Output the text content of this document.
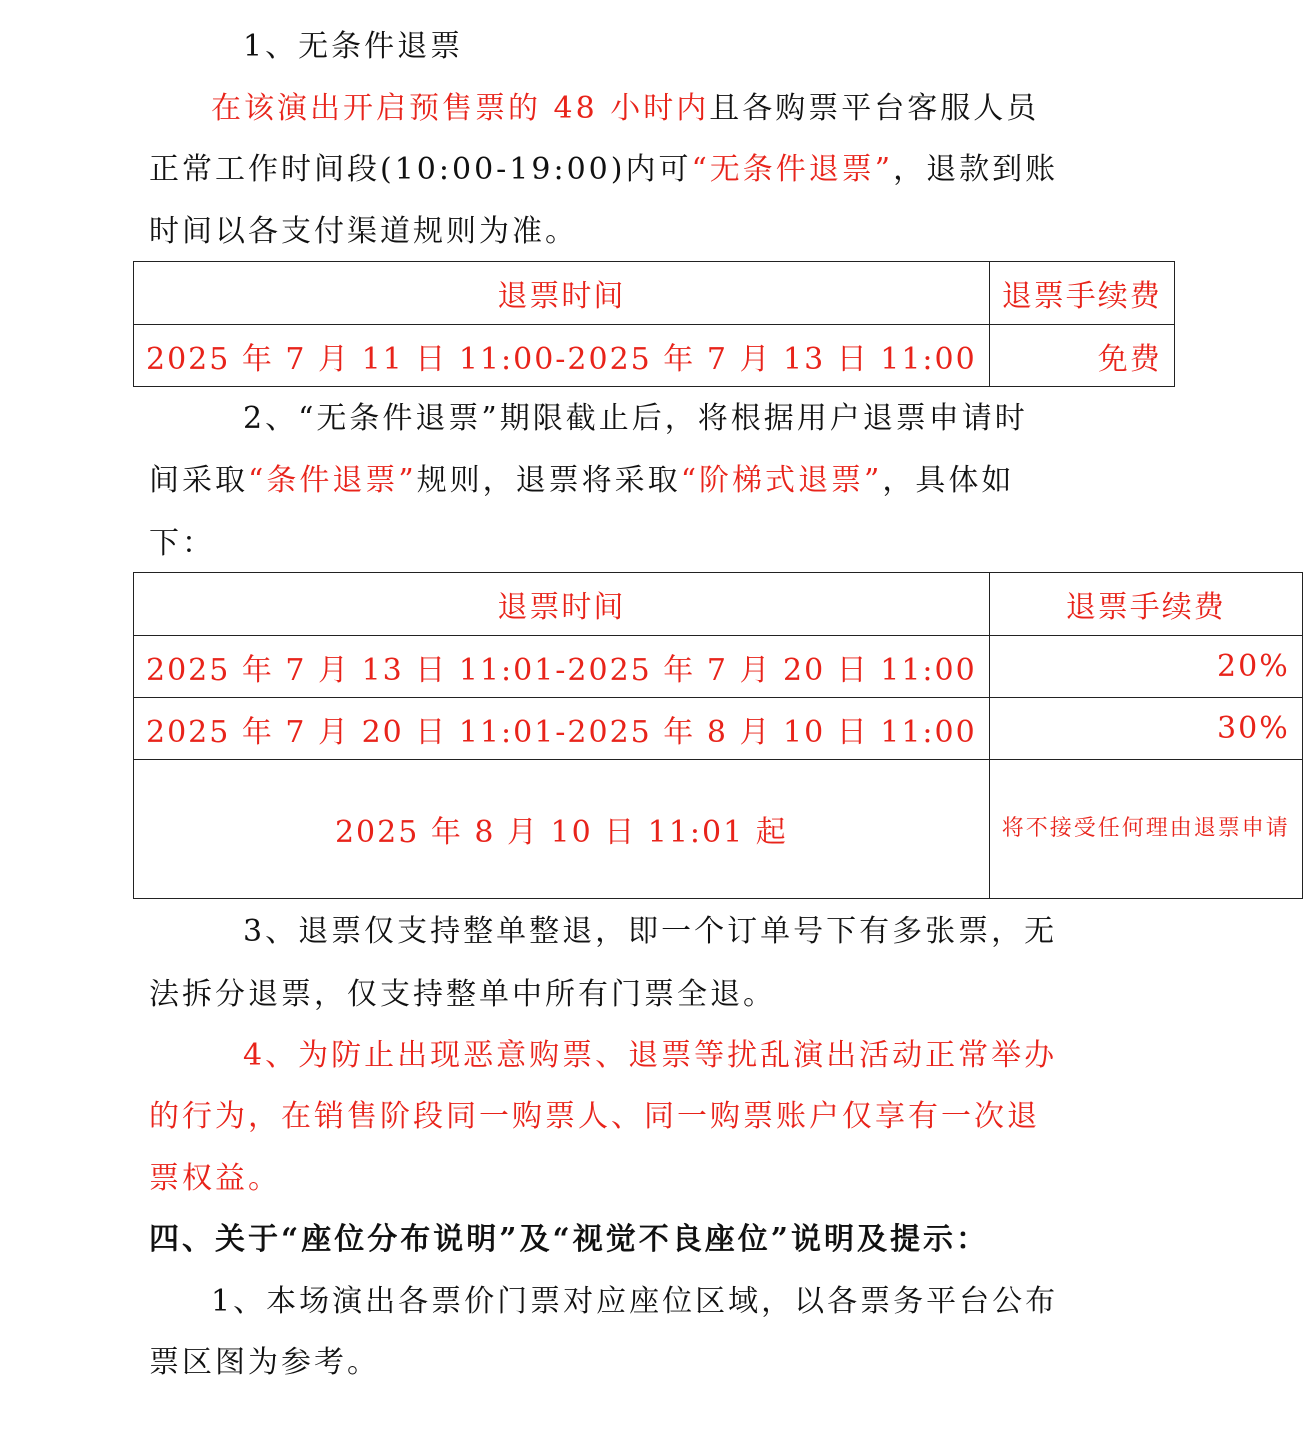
1、无条件退票
在该演出开启预售票的 48 小时内且各购票平台客服人员
正常工作时间段(10:00-19:00)内可“无条件退票”，退款到账
时间以各支付渠道规则为准。
退票时间	退票手续费
2025 年 7 月 11 日 11:00-2025 年 7 月 13 日 11:00	免费
2、“无条件退票”期限截止后，将根据用户退票申请时
间采取“条件退票”规则，退票将采取“阶梯式退票”，具体如
下：
退票时间	退票手续费
2025 年 7 月 13 日 11:01-2025 年 7 月 20 日 11:00	20%
2025 年 7 月 20 日 11:01-2025 年 8 月 10 日 11:00	30%
2025 年 8 月 10 日 11:01 起	将不接受任何理由退票申请
3、退票仅支持整单整退，即一个订单号下有多张票，无
法拆分退票，仅支持整单中所有门票全退。
4、为防止出现恶意购票、退票等扰乱演出活动正常举办
的行为，在销售阶段同一购票人、同一购票账户仅享有一次退
票权益。
四、关于“座位分布说明”及“视觉不良座位”说明及提示：
1、本场演出各票价门票对应座位区域，以各票务平台公布
票区图为参考。
